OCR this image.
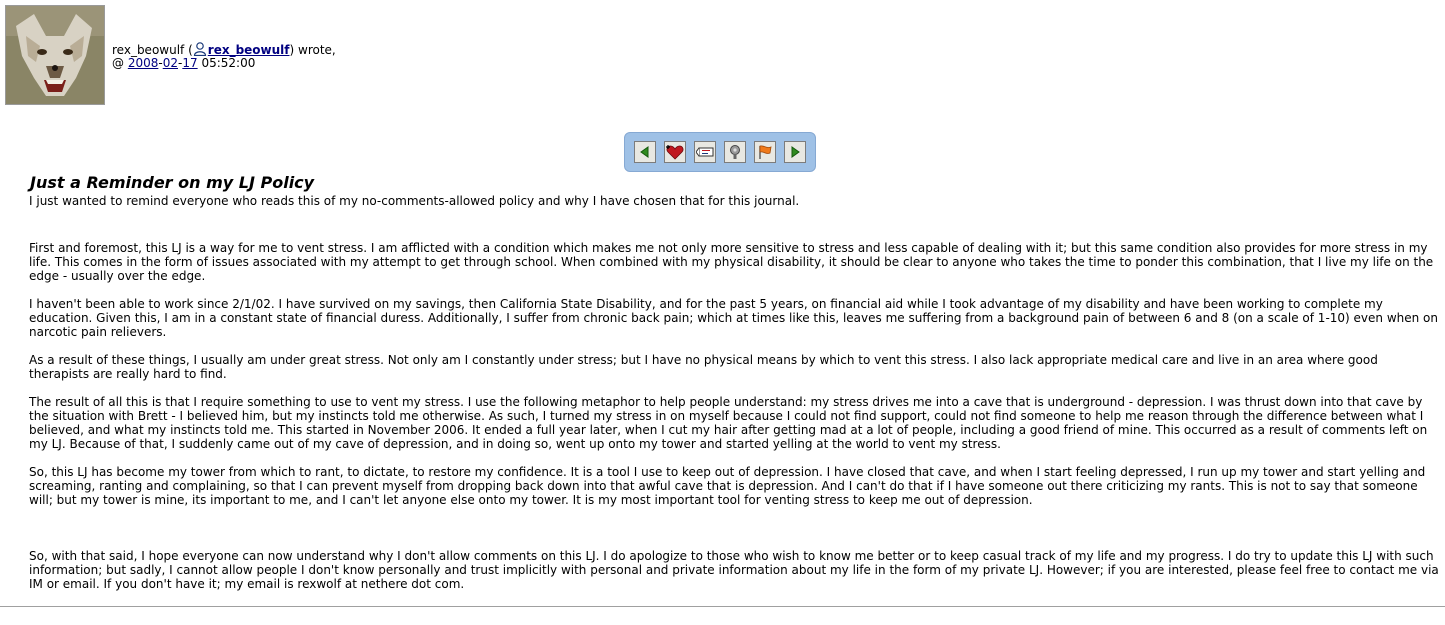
rex_beowulf ( rex_beowulf) wrote,
@ 2008-02-17 05:52:00
Just a Reminder on my LJ Policy

I just wanted to remind everyone who reads this of my no-comments-allowed policy and why I have chosen that for this journal.

First and foremost, this LJ is a way for me to vent stress. I am afflicted with a condition which makes me not only more sensitive to stress and less capable of dealing with it; but this same condition also provides for more stress in my life. This comes in the form of issues associated with my attempt to get through school. When combined with my physical disability, it should be clear to anyone who takes the time to ponder this combination, that I live my life on the edge - usually over the edge.

I haven't been able to work since 2/1/02. I have survived on my savings, then California State Disability, and for the past 5 years, on financial aid while I took advantage of my disability and have been working to complete my education. Given this, I am in a constant state of financial duress. Additionally, I suffer from chronic back pain; which at times like this, leaves me suffering from a background pain of between 6 and 8 (on a scale of 1-10) even when on narcotic pain relievers.

As a result of these things, I usually am under great stress. Not only am I constantly under stress; but I have no physical means by which to vent this stress. I also lack appropriate medical care and live in an area where good therapists are really hard to find.

The result of all this is that I require something to use to vent my stress. I use the following metaphor to help people understand: my stress drives me into a cave that is underground - depression. I was thrust down into that cave by the situation with Brett - I believed him, but my instincts told me otherwise. As such, I turned my stress in on myself because I could not find support, could not find someone to help me reason through the difference between what I believed, and what my instincts told me. This started in November 2006. It ended a full year later, when I cut my hair after getting mad at a lot of people, including a good friend of mine. This occurred as a result of comments left on my LJ. Because of that, I suddenly came out of my cave of depression, and in doing so, went up onto my tower and started yelling at the world to vent my stress.

So, this LJ has become my tower from which to rant, to dictate, to restore my confidence. It is a tool I use to keep out of depression. I have closed that cave, and when I start feeling depressed, I run up my tower and start yelling and screaming, ranting and complaining, so that I can prevent myself from dropping back down into that awful cave that is depression. And I can't do that if I have someone out there criticizing my rants. This is not to say that someone will; but my tower is mine, its important to me, and I can't let anyone else onto my tower. It is my most important tool for venting stress to keep me out of depression.

So, with that said, I hope everyone can now understand why I don't allow comments on this LJ. I do apologize to those who wish to know me better or to keep casual track of my life and my progress. I do try to update this LJ with such information; but sadly, I cannot allow people I don't know personally and trust implicitly with personal and private information about my life in the form of my private LJ. However; if you are interested, please feel free to contact me via IM or email. If you don't have it; my email is rexwolf at nethere dot com.
